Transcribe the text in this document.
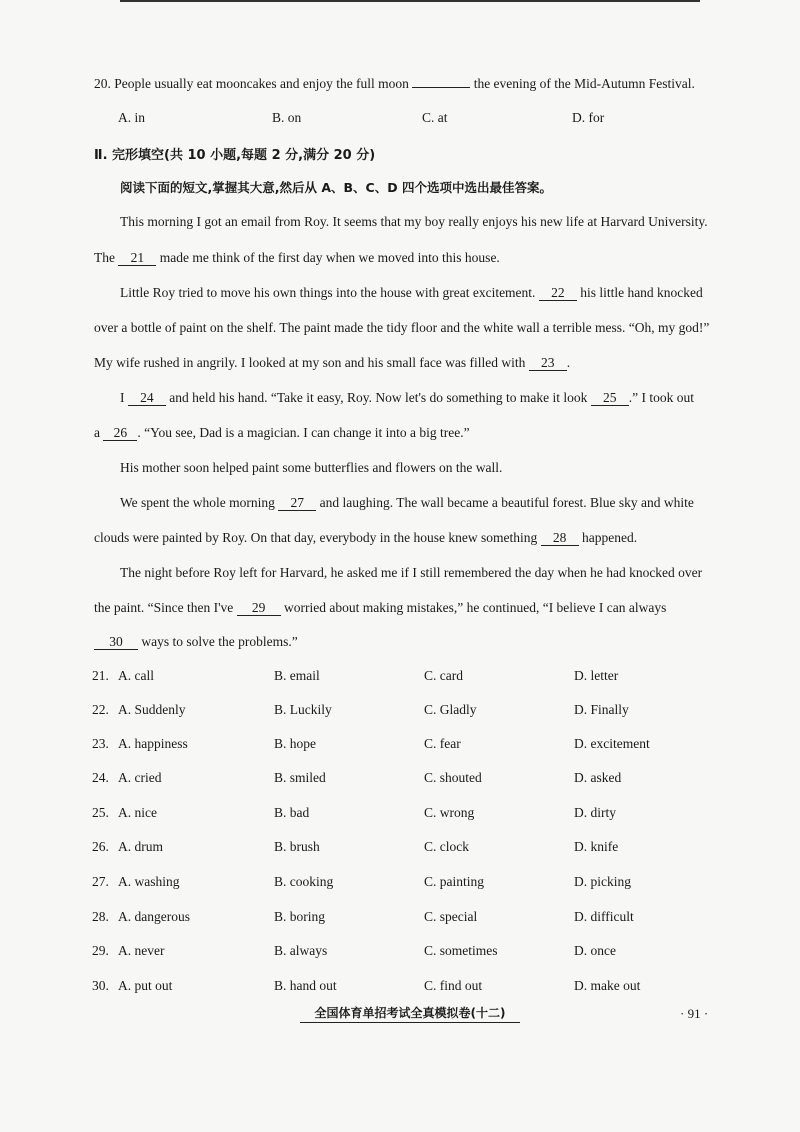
20. People usually eat mooncakes and enjoy the full moon	the evening of the Mid-Autumn Festival.
A. in	B. on	C. at	D. for
Ⅱ. 完形填空(共 10 小题,每题 2 分,满分 20 分)
阅读下面的短文,掌握其大意,然后从 A、B、C、D 四个选项中选出最佳答案。
This morning I got an email from Roy. It seems that my boy really enjoys his new life at Harvard University.
The 21 made me think of the first day when we moved into this house.
Little Roy tried to move his own things into the house with great excitement. 22 his little hand knocked
over a bottle of paint on the shelf. The paint made the tidy floor and the white wall a terrible mess. “Oh, my god!”
My wife rushed in angrily. I looked at my son and his small face was filled with 23 .
I 24 and held his hand. “Take it easy, Roy. Now let's do something to make it look 25 .” I took out
a 26 . “You see, Dad is a magician. I can change it into a big tree.”
His mother soon helped paint some butterflies and flowers on the wall.
We spent the whole morning 27 and laughing. The wall became a beautiful forest. Blue sky and white
clouds were painted by Roy. On that day, everybody in the house knew something 28 happened.
The night before Roy left for Harvard, he asked me if I still remembered the day when he had knocked over
the paint. “Since then I've 29 worried about making mistakes,” he continued, “I believe I can always
30 ways to solve the problems.”
21. A. call	B. email	C. card	D. letter
22. A. Suddenly	B. Luckily	C. Gladly	D. Finally
23. A. happiness	B. hope	C. fear	D. excitement
24. A. cried	B. smiled	C. shouted	D. asked
25. A. nice	B. bad	C. wrong	D. dirty
26. A. drum	B. brush	C. clock	D. knife
27. A. washing	B. cooking	C. painting	D. picking
28. A. dangerous	B. boring	C. special	D. difficult
29. A. never	B. always	C. sometimes	D. once
30. A. put out	B. hand out	C. find out	D. make out
全国体育单招考试全真模拟卷(十二)	· 91 ·
